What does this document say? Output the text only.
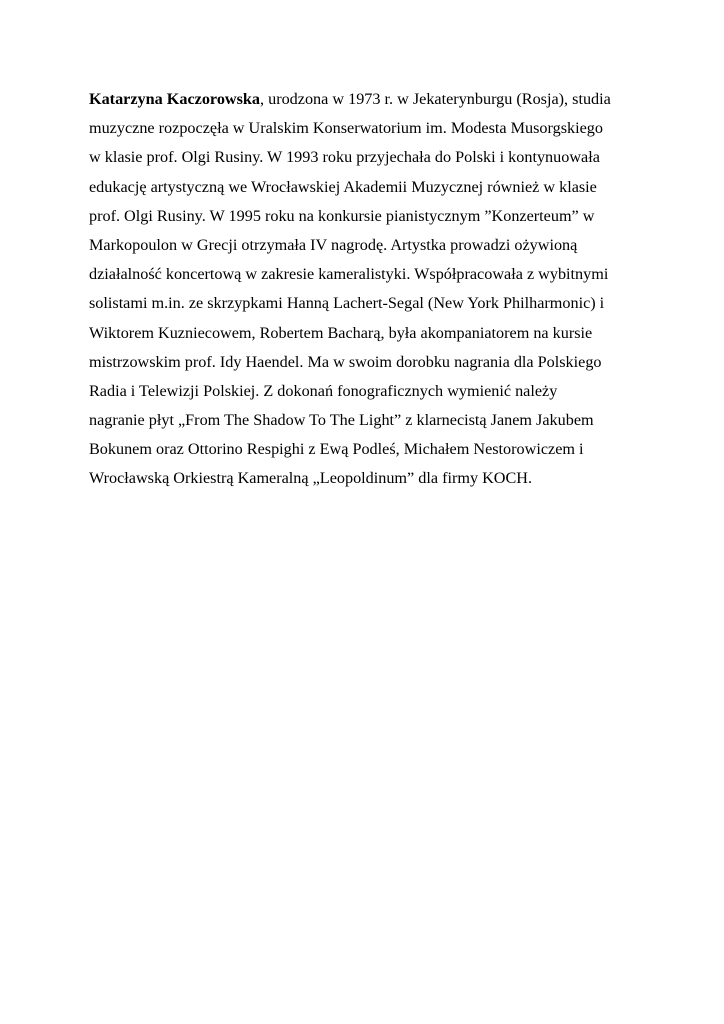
Katarzyna Kaczorowska, urodzona w 1973 r. w Jekaterynburgu (Rosja), studia
muzyczne rozpoczęła w Uralskim Konserwatorium im. Modesta Musorgskiego
w klasie prof. Olgi Rusiny. W 1993 roku przyjechała do Polski i kontynuowała
edukację artystyczną we Wrocławskiej Akademii Muzycznej również w klasie
prof. Olgi Rusiny. W 1995 roku na konkursie pianistycznym ”Konzerteum” w
Markopoulon w Grecji otrzymała IV nagrodę. Artystka prowadzi ożywioną
działalność koncertową w zakresie kameralistyki. Współpracowała z wybitnymi
solistami m.in. ze skrzypkami Hanną Lachert-Segal (New York Philharmonic) i
Wiktorem Kuzniecowem, Robertem Bacharą, była akompaniatorem na kursie
mistrzowskim prof. Idy Haendel. Ma w swoim dorobku nagrania dla Polskiego
Radia i Telewizji Polskiej. Z dokonań fonograficznych wymienić należy
nagranie płyt „From The Shadow To The Light” z klarnecistą Janem Jakubem
Bokunem oraz Ottorino Respighi z Ewą Podleś, Michałem Nestorowiczem i
Wrocławską Orkiestrą Kameralną „Leopoldinum” dla firmy KOCH.
